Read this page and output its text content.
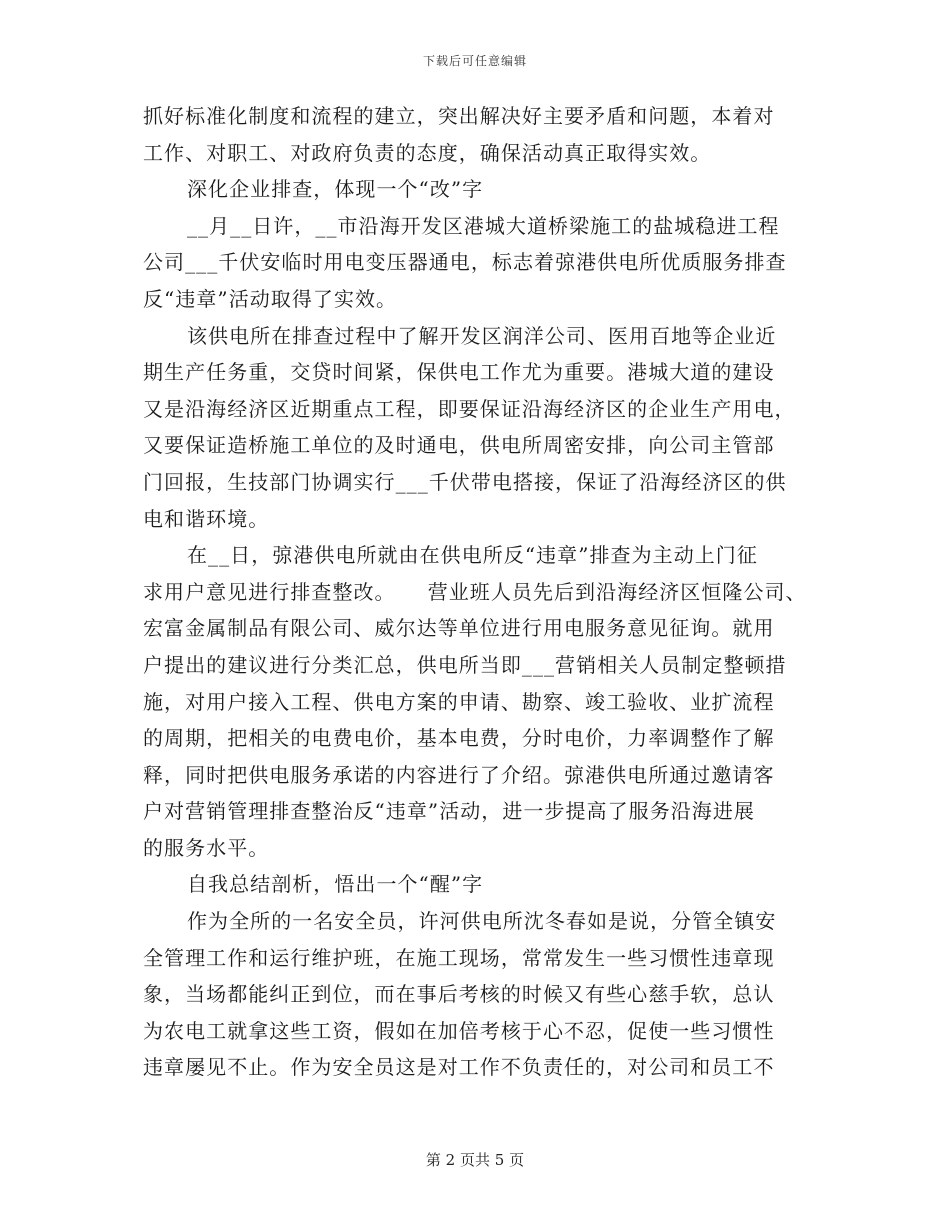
下载后可任意编辑
抓好标准化制度和流程的建立，突出解决好主要矛盾和问题，本着对
工作、对职工、对政府负责的态度，确保活动真正取得实效。
深化企业排查，体现一个“改”字
__月__日许，__市沿海开发区港城大道桥梁施工的盐城稳进工程
公司___千伏安临时用电变压器通电，标志着弶港供电所优质服务排查
反“违章”活动取得了实效。
该供电所在排查过程中了解开发区润洋公司、医用百地等企业近
期生产任务重，交贷时间紧，保供电工作尤为重要。港城大道的建设
又是沿海经济区近期重点工程，即要保证沿海经济区的企业生产用电，
又要保证造桥施工单位的及时通电，供电所周密安排，向公司主管部
门回报，生技部门协调实行___千伏带电搭接，保证了沿海经济区的供
电和谐环境。
在__日，弶港供电所就由在供电所反“违章”排查为主动上门征
求用户意见进行排查整改。　　营业班人员先后到沿海经济区恒隆公司、
宏富金属制品有限公司、威尔达等单位进行用电服务意见征询。就用
户提出的建议进行分类汇总，供电所当即___营销相关人员制定整顿措
施，对用户接入工程、供电方案的申请、勘察、竣工验收、业扩流程
的周期，把相关的电费电价，基本电费，分时电价，力率调整作了解
释，同时把供电服务承诺的内容进行了介绍。弶港供电所通过邀请客
户对营销管理排查整治反“违章”活动，进一步提高了服务沿海进展
的服务水平。
自我总结剖析，悟出一个“醒”字
作为全所的一名安全员，许河供电所沈冬春如是说，分管全镇安
全管理工作和运行维护班，在施工现场，常常发生一些习惯性违章现
象，当场都能纠正到位，而在事后考核的时候又有些心慈手软，总认
为农电工就拿这些工资，假如在加倍考核于心不忍，促使一些习惯性
违章屡见不止。作为安全员这是对工作不负责任的，对公司和员工不
第 2 页共 5 页
